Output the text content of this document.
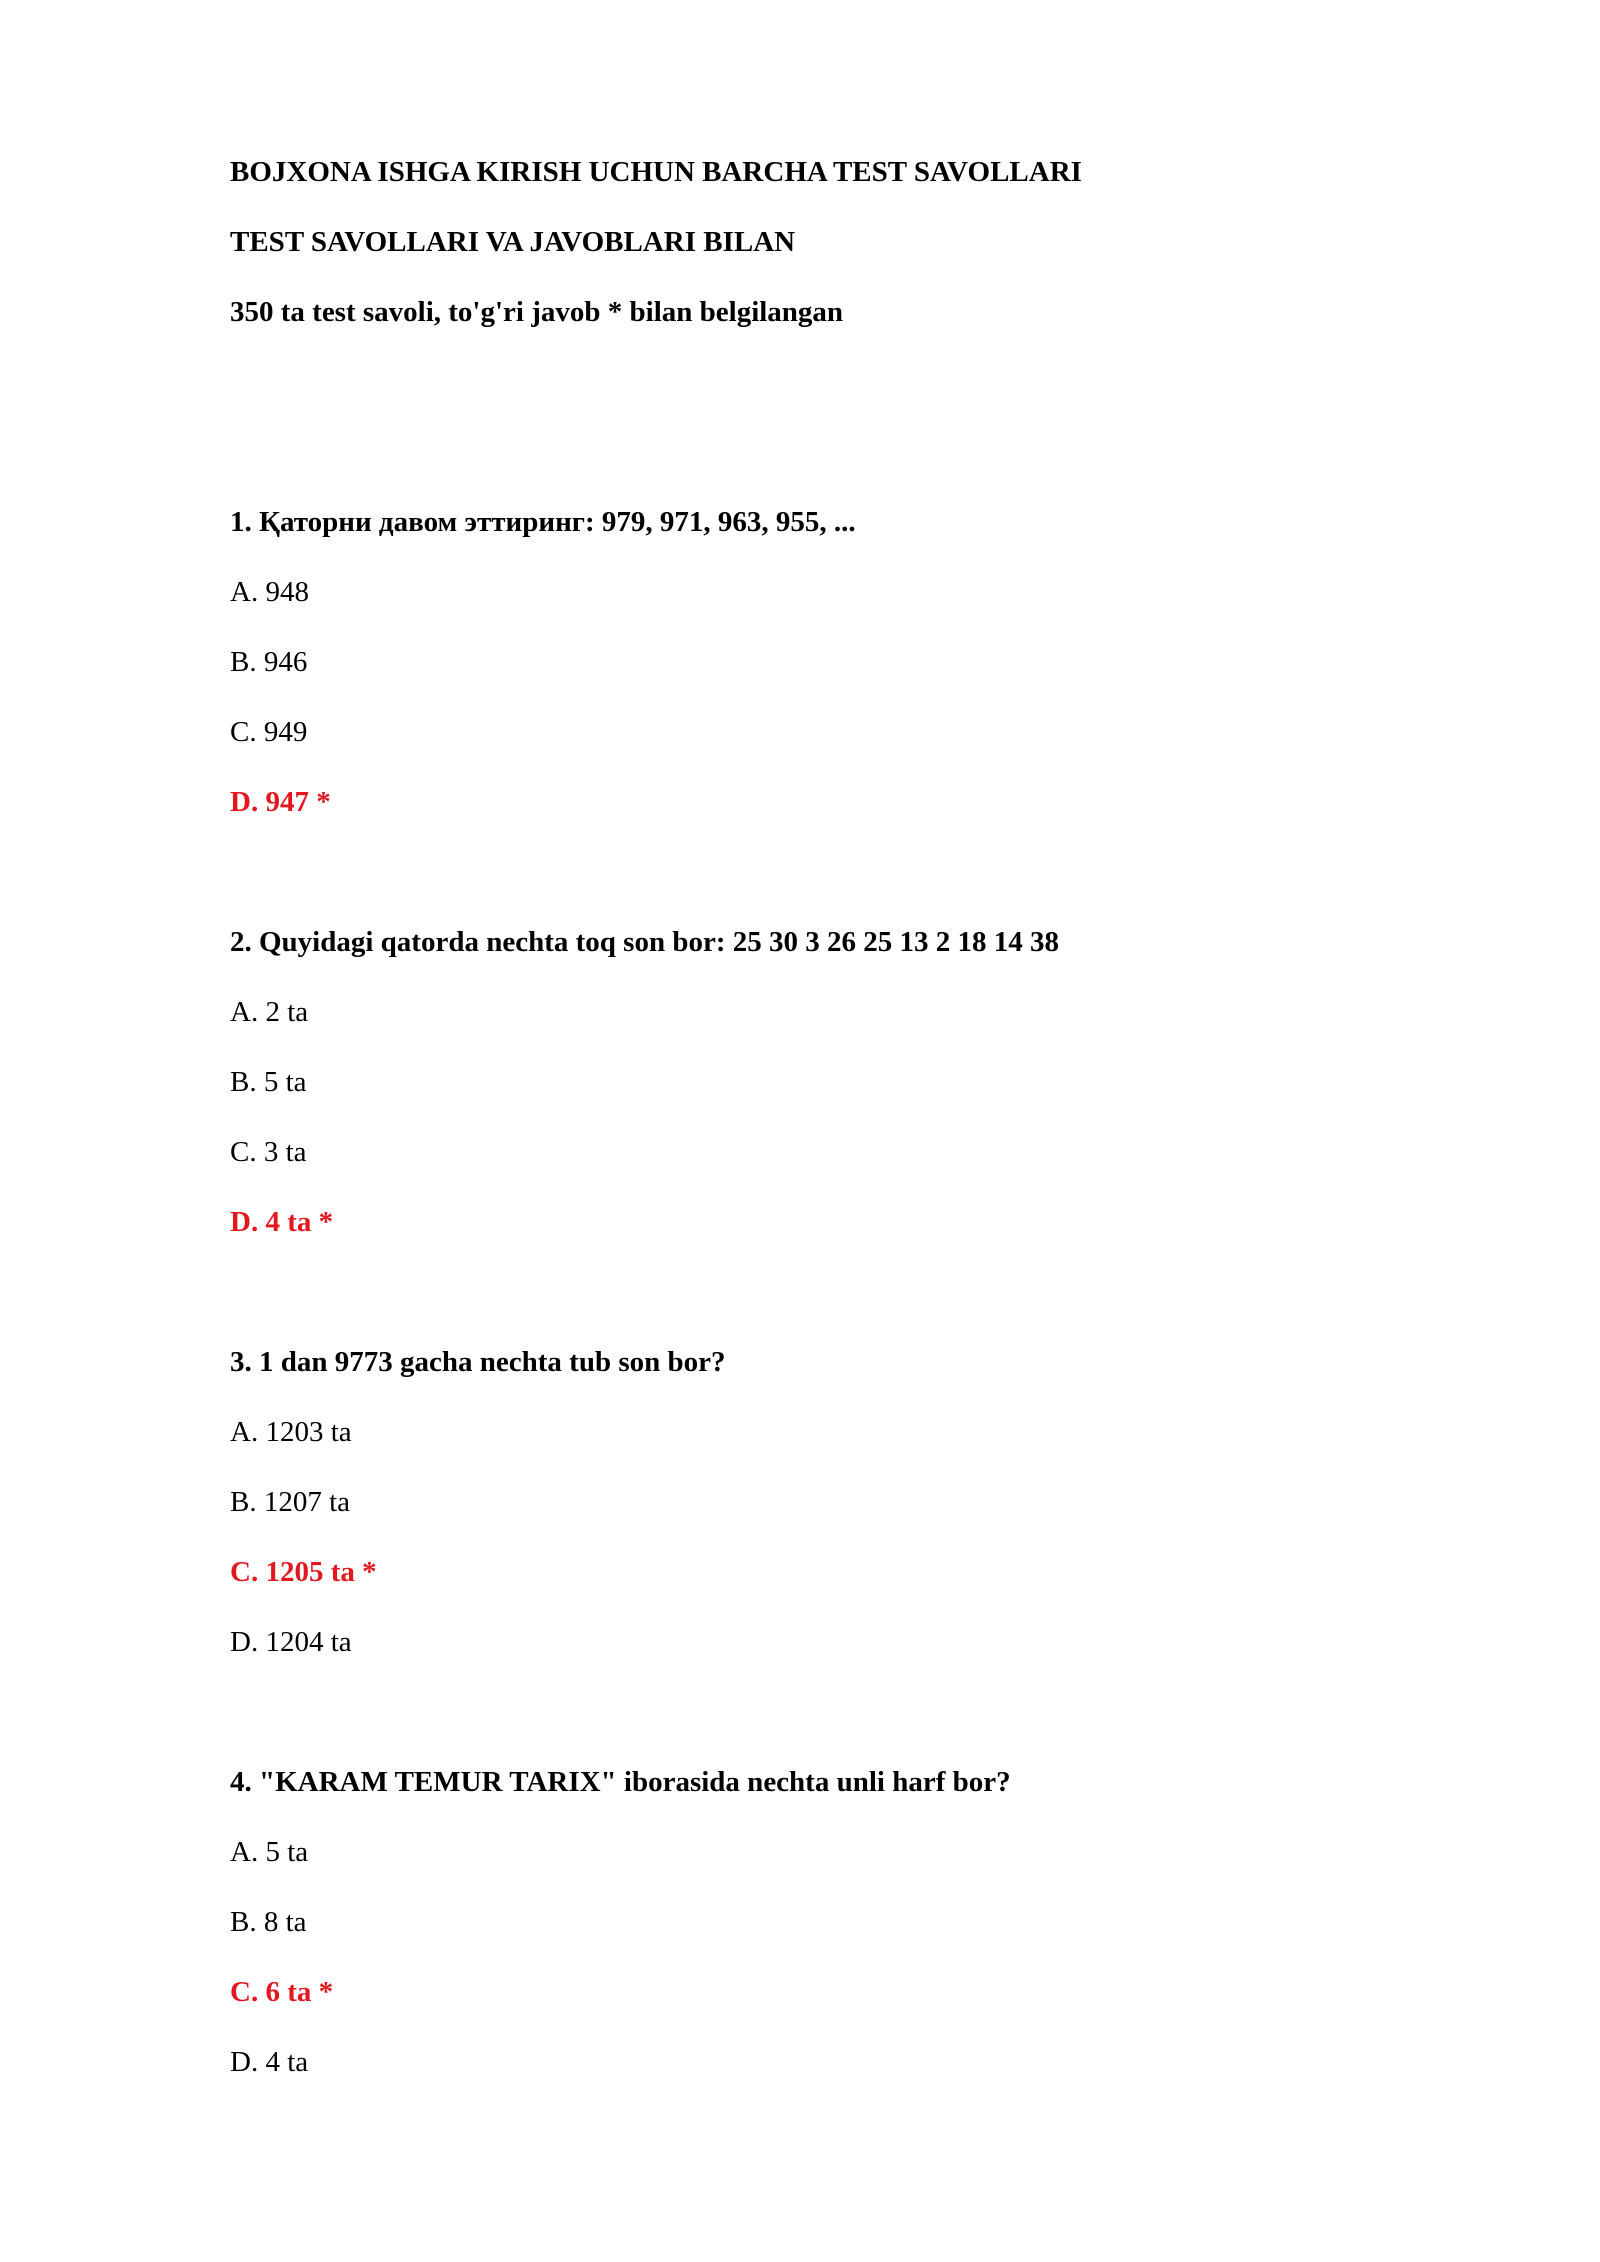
BOJXONA ISHGA KIRISH UCHUN BARCHA TEST SAVOLLARI
TEST SAVOLLARI VA JAVOBLARI BILAN
350 ta test savoli, to'g'ri javob * bilan belgilangan
1. Қаторни давом эттиринг: 979, 971, 963, 955, ...
A. 948
B. 946
C. 949
D. 947 *
2. Quyidagi qatorda nechta toq son bor: 25 30 3 26 25 13 2 18 14 38
A. 2 ta
B. 5 ta
C. 3 ta
D. 4 ta *
3. 1 dan 9773 gacha nechta tub son bor?
A. 1203 ta
B. 1207 ta
C. 1205 ta *
D. 1204 ta
4. "KARAM TEMUR TARIX" iborasida nechta unli harf bor?
A. 5 ta
B. 8 ta
C. 6 ta *
D. 4 ta
